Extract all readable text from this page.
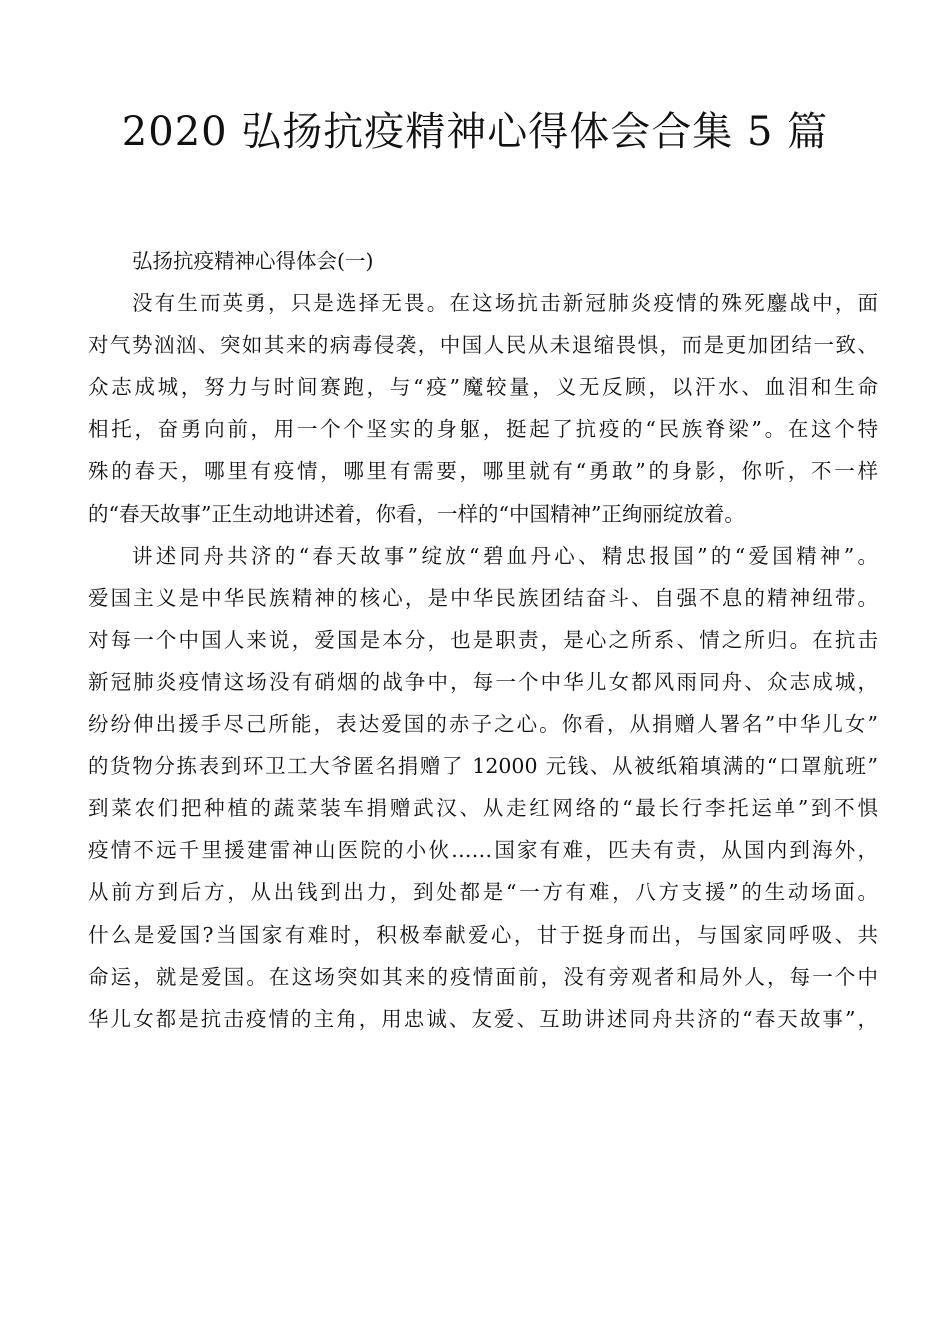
2020 弘扬抗疫精神心得体会合集 5 篇
弘扬抗疫精神心得体会(一)
没有生而英勇，只是选择无畏。在这场抗击新冠肺炎疫情的殊死鏖战中，面
对气势汹汹、突如其来的病毒侵袭，中国人民从未退缩畏惧，而是更加团结一致、
众志成城，努力与时间赛跑，与“疫”魔较量，义无反顾，以汗水、血泪和生命
相托，奋勇向前，用一个个坚实的身躯，挺起了抗疫的“民族脊梁”。在这个特
殊的春天，哪里有疫情，哪里有需要，哪里就有“勇敢”的身影，你听，不一样
的“春天故事”正生动地讲述着，你看，一样的“中国精神”正绚丽绽放着。
讲述同舟共济的“春天故事”绽放“碧血丹心、精忠报国”的“爱国精神”。
爱国主义是中华民族精神的核心，是中华民族团结奋斗、自强不息的精神纽带。
对每一个中国人来说，爱国是本分，也是职责，是心之所系、情之所归。在抗击
新冠肺炎疫情这场没有硝烟的战争中，每一个中华儿女都风雨同舟、众志成城，
纷纷伸出援手尽己所能，表达爱国的赤子之心。你看，从捐赠人署名”中华儿女”
的货物分拣表到环卫工大爷匿名捐赠了 12000 元钱、从被纸箱填满的“口罩航班”
到菜农们把种植的蔬菜装车捐赠武汉、从走红网络的“最长行李托运单”到不惧
疫情不远千里援建雷神山医院的小伙……国家有难，匹夫有责，从国内到海外，
从前方到后方，从出钱到出力，到处都是“一方有难，八方支援”的生动场面。
什么是爱国?当国家有难时，积极奉献爱心，甘于挺身而出，与国家同呼吸、共
命运，就是爱国。在这场突如其来的疫情面前，没有旁观者和局外人，每一个中
华儿女都是抗击疫情的主角，用忠诚、友爱、互助讲述同舟共济的“春天故事”，
